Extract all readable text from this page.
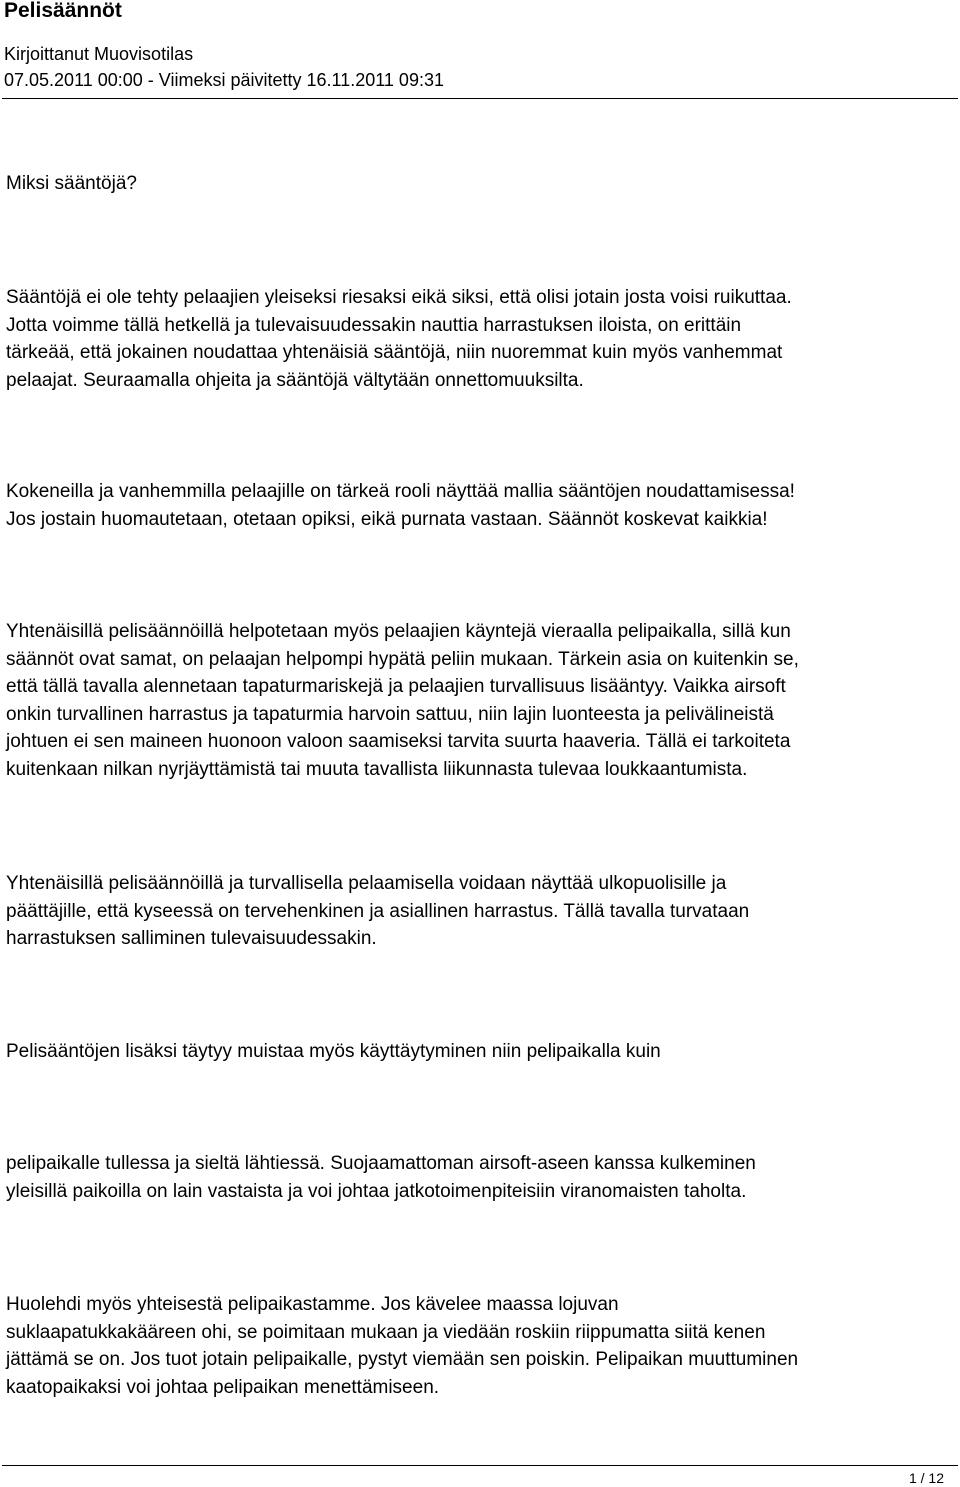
Pelisäännöt
Kirjoittanut Muovisotilas
07.05.2011 00:00 - Viimeksi päivitetty 16.11.2011 09:31

Miksi sääntöjä?

Sääntöjä ei ole tehty pelaajien yleiseksi riesaksi eikä siksi, että olisi jotain josta voisi ruikuttaa.
Jotta voimme tällä hetkellä ja tulevaisuudessakin nauttia harrastuksen iloista, on erittäin
tärkeää, että jokainen noudattaa yhtenäisiä sääntöjä, niin nuoremmat kuin myös vanhemmat
pelaajat. Seuraamalla ohjeita ja sääntöjä vältytään onnettomuuksilta.

Kokeneilla ja vanhemmilla pelaajille on tärkeä rooli näyttää mallia sääntöjen noudattamisessa!
Jos jostain huomautetaan, otetaan opiksi, eikä purnata vastaan. Säännöt koskevat kaikkia!

Yhtenäisillä pelisäännöillä helpotetaan myös pelaajien käyntejä vieraalla pelipaikalla, sillä kun
säännöt ovat samat, on pelaajan helpompi hypätä peliin mukaan. Tärkein asia on kuitenkin se,
että tällä tavalla alennetaan tapaturmariskejä ja pelaajien turvallisuus lisääntyy. Vaikka airsoft
onkin turvallinen harrastus ja tapaturmia harvoin sattuu, niin lajin luonteesta ja pelivälineistä
johtuen ei sen maineen huonoon valoon saamiseksi tarvita suurta haaveria. Tällä ei tarkoiteta
kuitenkaan nilkan nyrjäyttämistä tai muuta tavallista liikunnasta tulevaa loukkaantumista.

Yhtenäisillä pelisäännöillä ja turvallisella pelaamisella voidaan näyttää ulkopuolisille ja
päättäjille, että kyseessä on tervehenkinen ja asiallinen harrastus. Tällä tavalla turvataan
harrastuksen salliminen tulevaisuudessakin.

Pelisääntöjen lisäksi täytyy muistaa myös käyttäytyminen niin pelipaikalla kuin

pelipaikalle tullessa ja sieltä lähtiessä. Suojaamattoman airsoft-aseen kanssa kulkeminen
yleisillä paikoilla on lain vastaista ja voi johtaa jatkotoimenpiteisiin viranomaisten taholta.

Huolehdi myös yhteisestä pelipaikastamme. Jos kävelee maassa lojuvan
suklaapatukkakääreen ohi, se poimitaan mukaan ja viedään roskiin riippumatta siitä kenen
jättämä se on. Jos tuot jotain pelipaikalle, pystyt viemään sen poiskin. Pelipaikan muuttuminen
kaatopaikaksi voi johtaa pelipaikan menettämiseen.

1 / 12
